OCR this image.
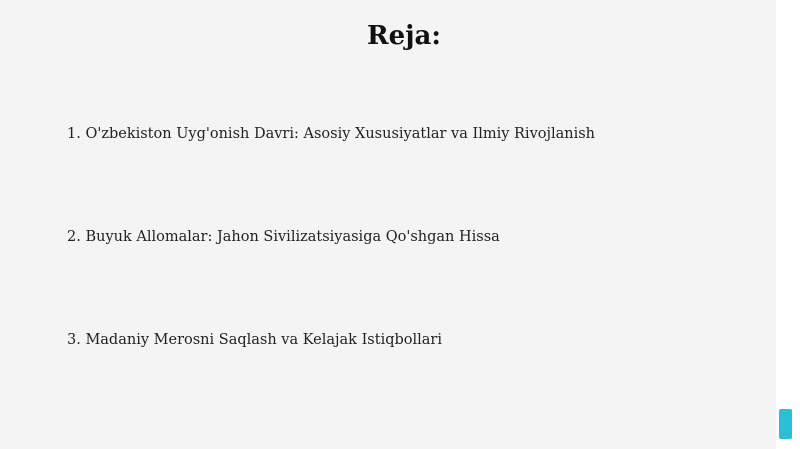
Reja:
1. O'zbekiston Uyg'onish Davri: Asosiy Xususiyatlar va Ilmiy Rivojlanish
2. Buyuk Allomalar: Jahon Sivilizatsiyasiga Qo'shgan Hissa
3. Madaniy Merosni Saqlash va Kelajak Istiqbollari
